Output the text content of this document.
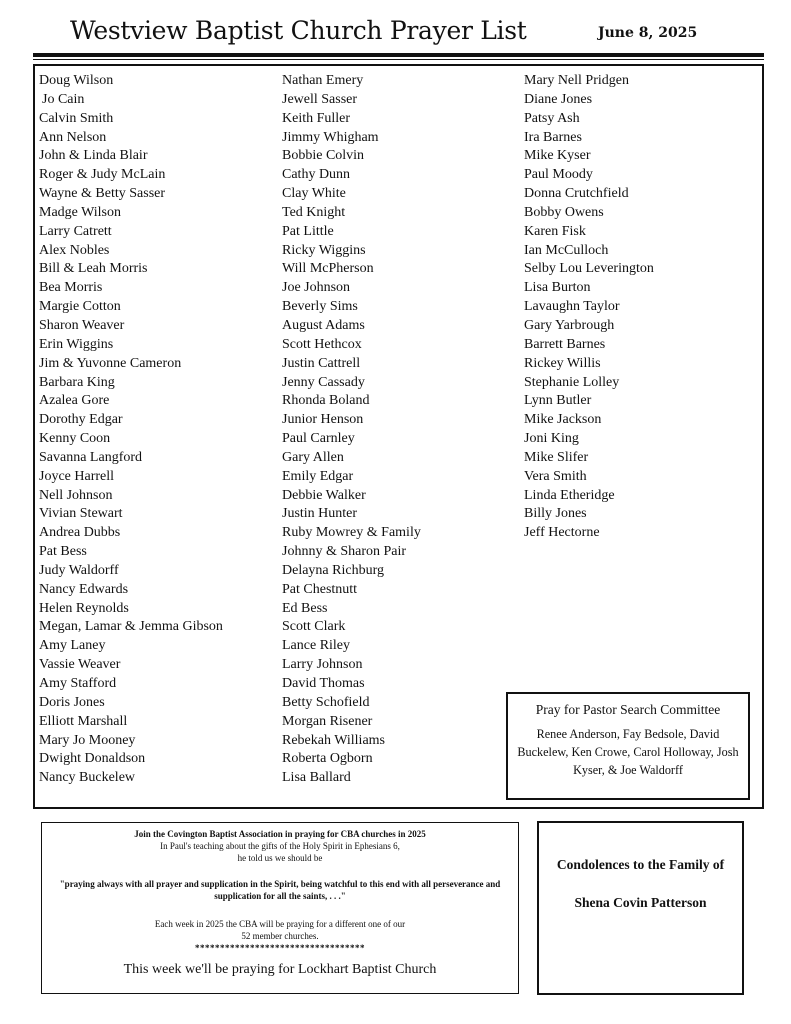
Westview Baptist Church Prayer List	June 8, 2025
Doug Wilson
Jo Cain
Calvin Smith
Ann Nelson
John & Linda Blair
Roger & Judy McLain
Wayne & Betty Sasser
Madge Wilson
Larry Catrett
Alex Nobles
Bill & Leah Morris
Bea Morris
Margie Cotton
Sharon Weaver
Erin Wiggins
Jim & Yuvonne Cameron
Barbara King
Azalea Gore
Dorothy Edgar
Kenny Coon
Savanna Langford
Joyce Harrell
Nell Johnson
Vivian Stewart
Andrea Dubbs
Pat Bess
Judy Waldorff
Nancy Edwards
Helen Reynolds
Megan, Lamar & Jemma Gibson
Amy Laney
Vassie Weaver
Amy Stafford
Doris Jones
Elliott Marshall
Mary Jo Mooney
Dwight Donaldson
Nancy Buckelew
Nathan Emery
Jewell Sasser
Keith Fuller
Jimmy Whigham
Bobbie Colvin
Cathy Dunn
Clay White
Ted Knight
Pat Little
Ricky Wiggins
Will McPherson
Joe Johnson
Beverly Sims
August Adams
Scott Hethcox
Justin Cattrell
Jenny Cassady
Rhonda Boland
Junior Henson
Paul Carnley
Gary Allen
Emily Edgar
Debbie Walker
Justin Hunter
Ruby Mowrey & Family
Johnny & Sharon Pair
Delayna Richburg
Pat Chestnutt
Ed Bess
Scott Clark
Lance Riley
Larry Johnson
David Thomas
Betty Schofield
Morgan Risener
Rebekah Williams
Roberta Ogborn
Lisa Ballard
Mary Nell Pridgen
Diane Jones
Patsy Ash
Ira Barnes
Mike Kyser
Paul Moody
Donna Crutchfield
Bobby Owens
Karen Fisk
Ian McCulloch
Selby Lou Leverington
Lisa Burton
Lavaughn Taylor
Gary Yarbrough
Barrett Barnes
Rickey Willis
Stephanie Lolley
Lynn Butler
Mike Jackson
Joni King
Mike Slifer
Vera Smith
Linda Etheridge
Billy Jones
Jeff Hectorne
Pray for Pastor Search Committee
Renee Anderson, Fay Bedsole, David Buckelew, Ken Crowe, Carol Holloway, Josh Kyser, & Joe Waldorff
Join the Covington Baptist Association in praying for CBA churches in 2025
In Paul's teaching about the gifts of the Holy Spirit in Ephesians 6,
he told us we should be
"praying always with all prayer and supplication in the Spirit, being watchful to this end with all perseverance and supplication for all the saints, . . ."
Each week in 2025 the CBA will be praying for a different one of our
52 member churches.
**********************************
This week we'll be praying for Lockhart Baptist Church
Condolences to the Family of
Shena Covin Patterson
